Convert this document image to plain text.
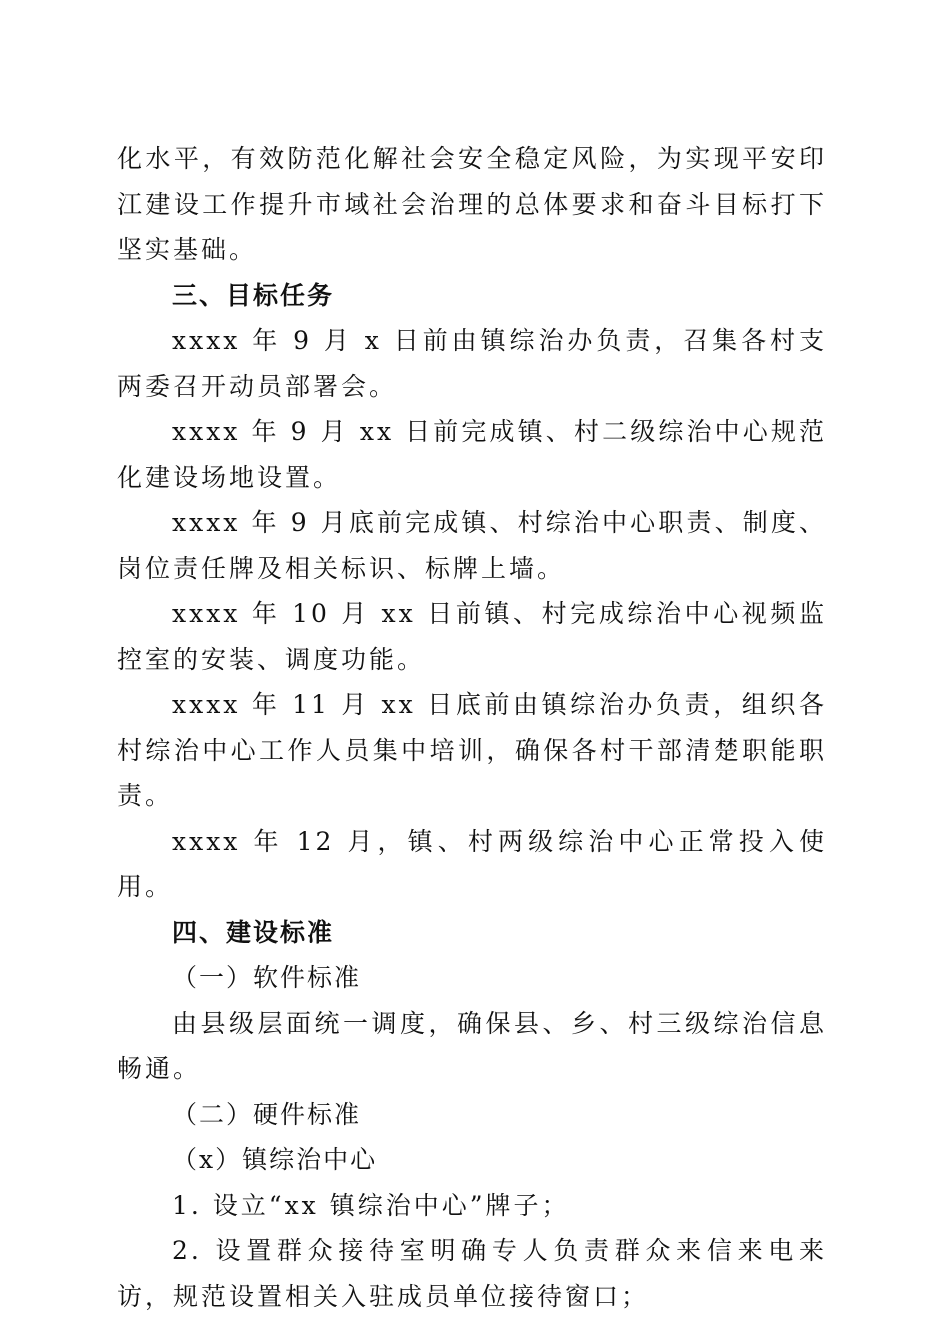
化水平，有效防范化解社会安全稳定风险，为实现平安印江建设工作提升市域社会治理的总体要求和奋斗目标打下坚实基础。

三、目标任务

xxxx 年 9 月 x 日前由镇综治办负责，召集各村支两委召开动员部署会。

xxxx 年 9 月 xx 日前完成镇、村二级综治中心规范化建设场地设置。

xxxx 年 9 月底前完成镇、村综治中心职责、制度、岗位责任牌及相关标识、标牌上墙。

xxxx 年 10 月 xx 日前镇、村完成综治中心视频监控室的安装、调度功能。

xxxx 年 11 月 xx 日底前由镇综治办负责，组织各村综治中心工作人员集中培训，确保各村干部清楚职能职责。

xxxx 年 12 月，镇、村两级综治中心正常投入使用。

四、建设标准

（一）软件标准

由县级层面统一调度，确保县、乡、村三级综治信息畅通。

（二）硬件标准

（x）镇综治中心

1. 设立“xx 镇综治中心”牌子；

2. 设置群众接待室明确专人负责群众来信来电来访，规范设置相关入驻成员单位接待窗口；
